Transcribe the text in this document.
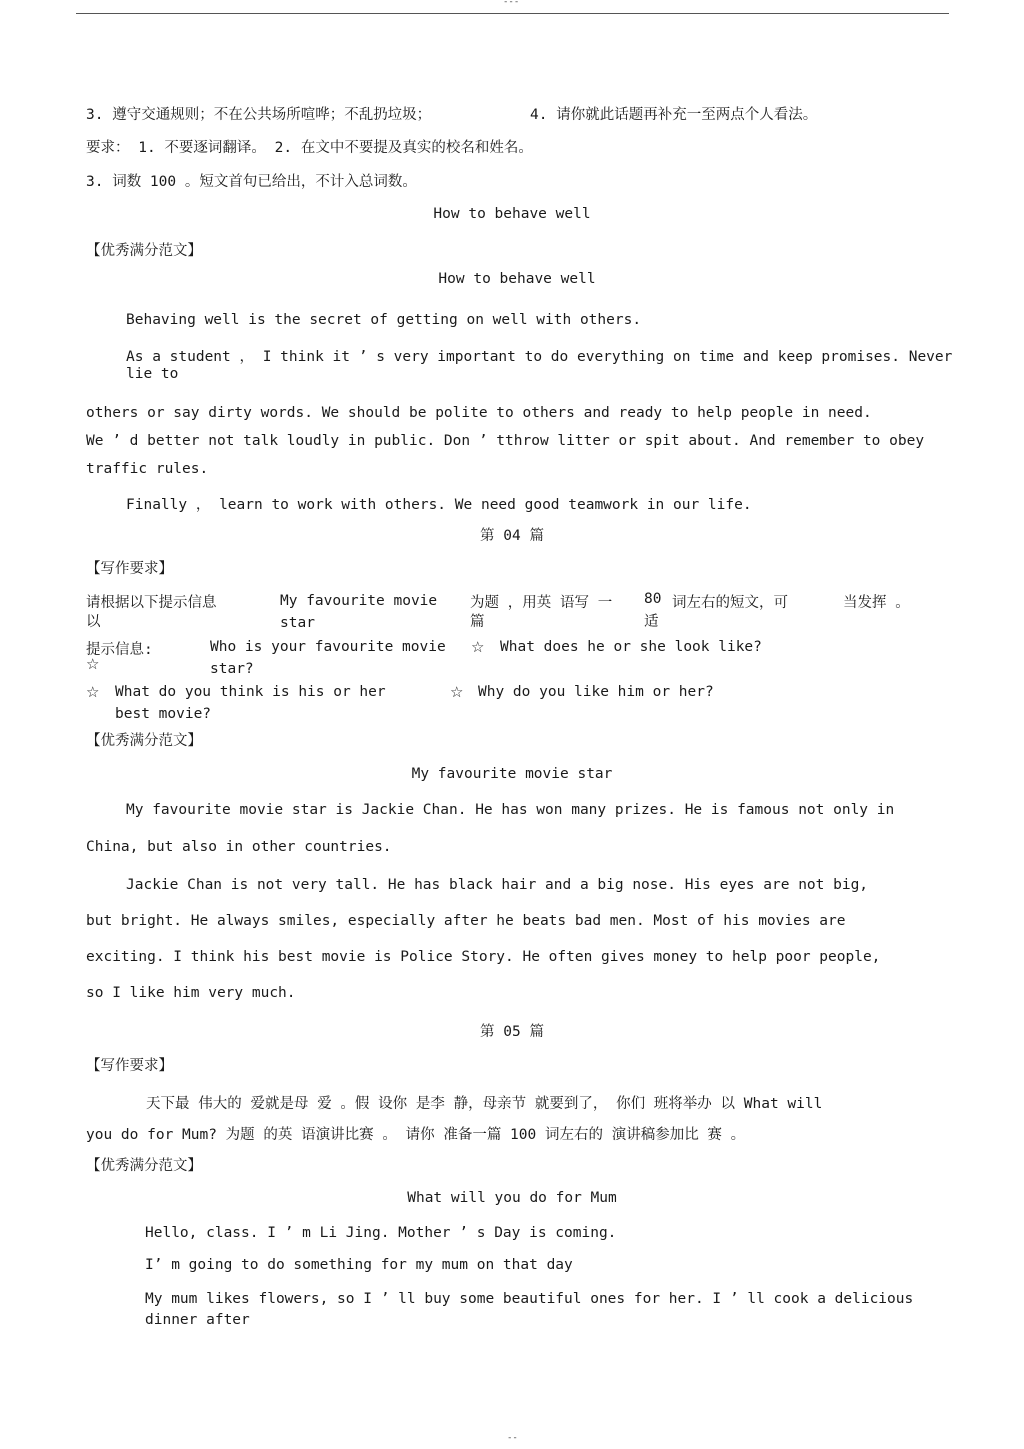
---
3. 遵守交通规则；不在公共场所喧哗；不乱扔垃圾；	4. 请你就此话题再补充一至两点个人看法。
要求： 1. 不要逐词翻译。 2. 在文中不要提及真实的校名和姓名。
3. 词数 100 。短文首句已给出，不计入总词数。
How to behave well
【优秀满分范文】
How to behave well
Behaving well is the secret of getting on well with others.
As a student ， I think it ’ s very important to do everything on time and keep promises. Never
lie to
others or say dirty words. We should be polite to others and ready to help people in need.
We ’ d better not talk loudly in public. Don ’ tthrow litter or spit about. And remember to obey
traffic rules.
Finally ， learn to work with others. We need good teamwork in our life.
第 04 篇
【写作要求】
请根据以下提示信息
以
My favourite movie
star
为题 ，用英 语写 一
篇
80
适
词左右的短文，可	当发挥 。
提示信息:
☆
Who is your favourite movie
star?
☆ What does he or she look like?
☆ What do you think is his or her
best movie?
☆ Why do you like him or her?
【优秀满分范文】
My favourite movie star
My favourite movie star is Jackie Chan. He has won many prizes. He is famous not only in
China, but also in other countries.
Jackie Chan is not very tall. He has black hair and a big nose. His eyes are not big,
but bright. He always smiles, especially after he beats bad men. Most of his movies are
exciting. I think his best movie is Police Story. He often gives money to help poor people,
so I like him very much.
第 05 篇
【写作要求】
天下最 伟大的 爱就是母 爱 。假 设你 是李 静，母亲节 就要到了， 你们 班将举办 以 What will
you do for Mum? 为题 的英 语演讲比赛 。 请你 准备一篇 100 词左右的 演讲稿参加比 赛 。
【优秀满分范文】
What will you do for Mum
Hello, class. I ’ m Li Jing. Mother ’ s Day is coming.
I’ m going to do something for my mum on that day
My mum likes flowers, so I ’ ll buy some beautiful ones for her. I ’ ll cook a delicious
dinner after
--
